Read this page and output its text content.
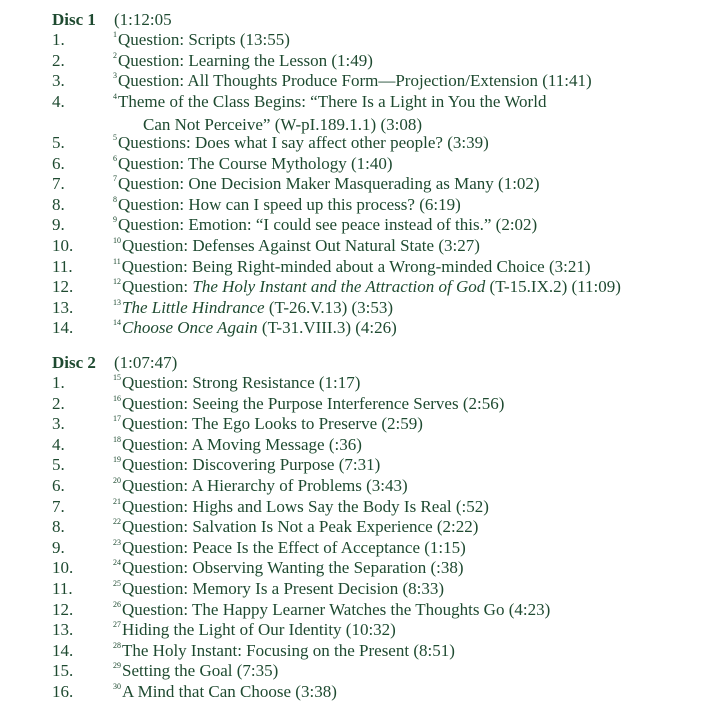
Disc 1 (1:12:05
1.	$^1$Question: Scripts (13:55)
2.	$^2$Question: Learning the Lesson (1:49)
3.	$^3$Question: All Thoughts Produce Form—Projection/Extension (11:41)
4.	$^4$Theme of the Class Begins: “There Is a Light in You the World
Can Not Perceive” (W-pI.189.1.1) (3:08)
5.	$^5$Questions: Does what I say affect other people? (3:39)
6.	$^6$Question: The Course Mythology (1:40)
7.	$^7$Question: One Decision Maker Masquerading as Many (1:02)
8.	$^8$Question: How can I speed up this process? (6:19)
9.	$^9$Question: Emotion: “I could see peace instead of this.” (2:02)
10.	$^{10}$Question: Defenses Against Out Natural State (3:27)
11.	$^{11}$Question: Being Right-minded about a Wrong-minded Choice (3:21)
12.	$^{12}$Question: The Holy Instant and the Attraction of God (T-15.IX.2) (11:09)
13.	$^{13}$The Little Hindrance (T-26.V.13) (3:53)
14.	$^{14}$Choose Once Again (T-31.VIII.3) (4:26)
Disc 2 (1:07:47)
1.	$^{15}$Question: Strong Resistance (1:17)
2.	$^{16}$Question: Seeing the Purpose Interference Serves (2:56)
3.	$^{17}$Question: The Ego Looks to Preserve (2:59)
4.	$^{18}$Question: A Moving Message (:36)
5.	$^{19}$Question: Discovering Purpose (7:31)
6.	$^{20}$Question: A Hierarchy of Problems (3:43)
7.	$^{21}$Question: Highs and Lows Say the Body Is Real (:52)
8.	$^{22}$Question: Salvation Is Not a Peak Experience (2:22)
9.	$^{23}$Question: Peace Is the Effect of Acceptance (1:15)
10.	$^{24}$Question: Observing Wanting the Separation (:38)
11.	$^{25}$Question: Memory Is a Present Decision (8:33)
12.	$^{26}$Question: The Happy Learner Watches the Thoughts Go (4:23)
13.	$^{27}$Hiding the Light of Our Identity (10:32)
14.	$^{28}$The Holy Instant: Focusing on the Present (8:51)
15.	$^{29}$Setting the Goal (7:35)
16.	$^{30}$A Mind that Can Choose (3:38)
